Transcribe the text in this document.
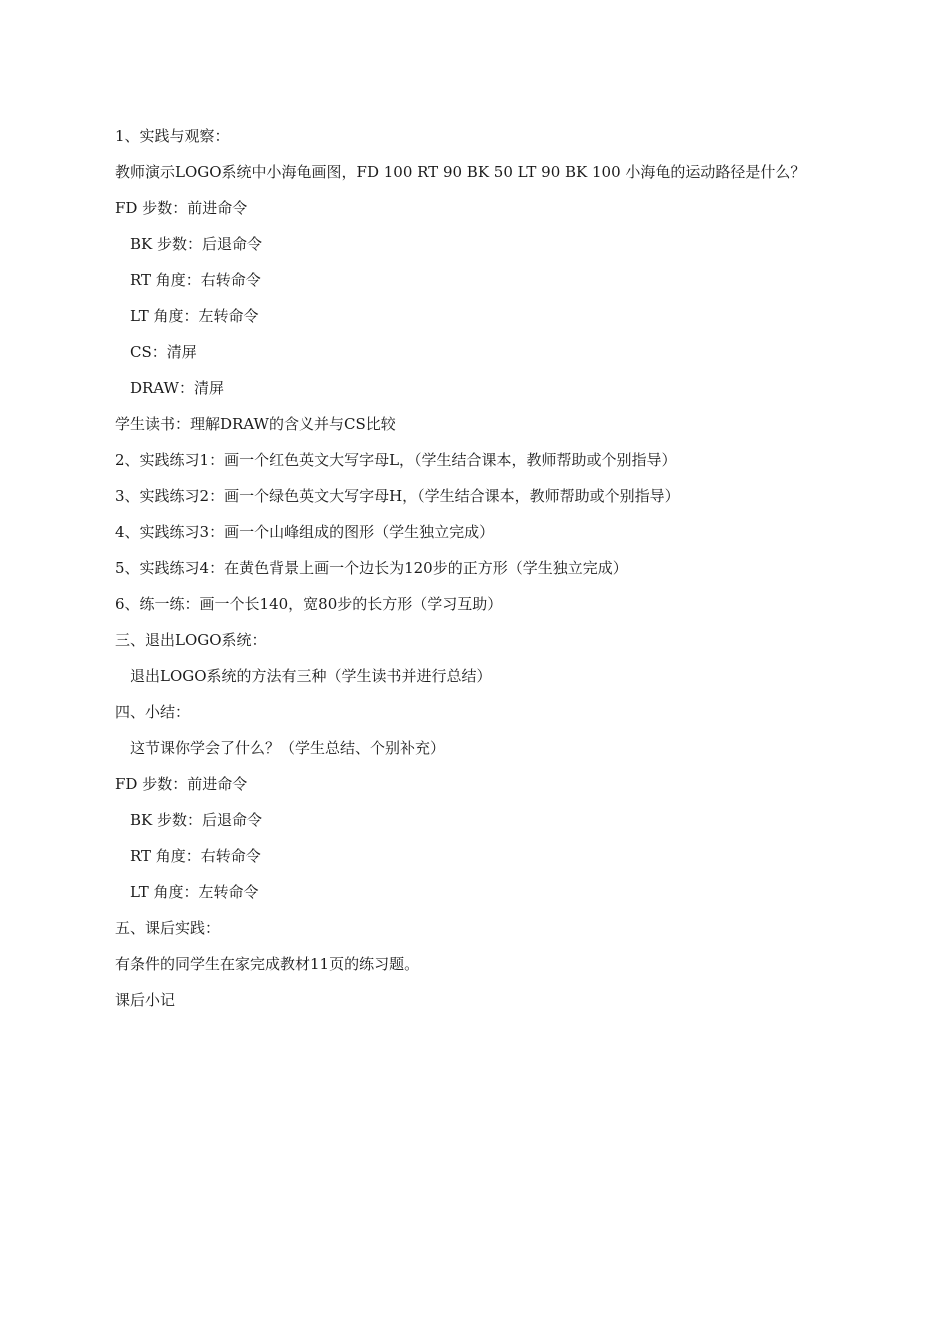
1、实践与观察：
教师演示LOGO系统中小海龟画图，FD 100 RT 90 BK 50 LT 90 BK 100 小海龟的运动路径是什么？
FD 步数：前进命令
BK 步数：后退命令
RT 角度：右转命令
LT 角度：左转命令
CS：清屏
DRAW：清屏
学生读书：理解DRAW的含义并与CS比较
2、实践练习1：画一个红色英文大写字母L，（学生结合课本，教师帮助或个别指导）
3、实践练习2：画一个绿色英文大写字母H，（学生结合课本，教师帮助或个别指导）
4、实践练习3：画一个山峰组成的图形（学生独立完成）
5、实践练习4：在黄色背景上画一个边长为120步的正方形（学生独立完成）
6、练一练：画一个长140，宽80步的长方形（学习互助）
三、退出LOGO系统：
退出LOGO系统的方法有三种（学生读书并进行总结）
四、小结：
这节课你学会了什么？（学生总结、个别补充）
FD 步数：前进命令
BK 步数：后退命令
RT 角度：右转命令
LT 角度：左转命令
五、课后实践：
有条件的同学生在家完成教材11页的练习题。
课后小记
